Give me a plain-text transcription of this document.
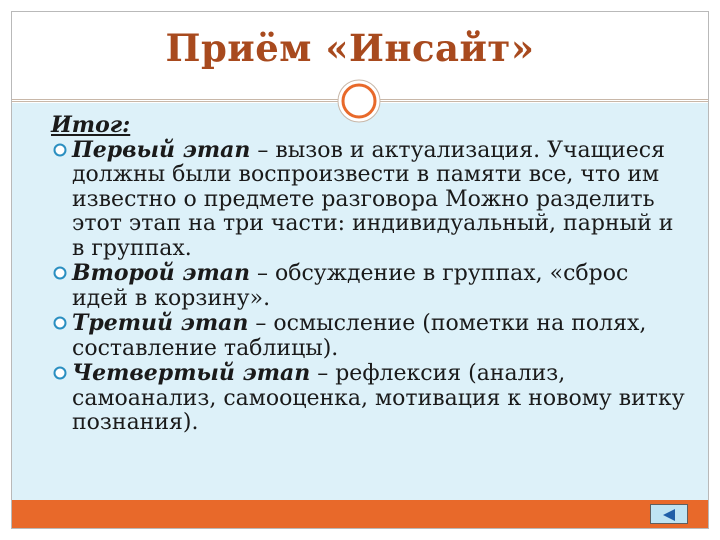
Приём «Инсайт»
Итог:
Первый этап – вызов и актуализация. Учащиеся должны были воспроизвести в памяти все, что им известно о предмете разговора Можно разделить этот этап на три части: индивидуальный, парный и в группах.
Второй этап – обсуждение в группах, «сброс идей в корзину».
Третий этап – осмысление (пометки на полях, составление таблицы).
Четвертый этап – рефлексия (анализ, самоанализ, самооценка, мотивация к новому витку познания).
